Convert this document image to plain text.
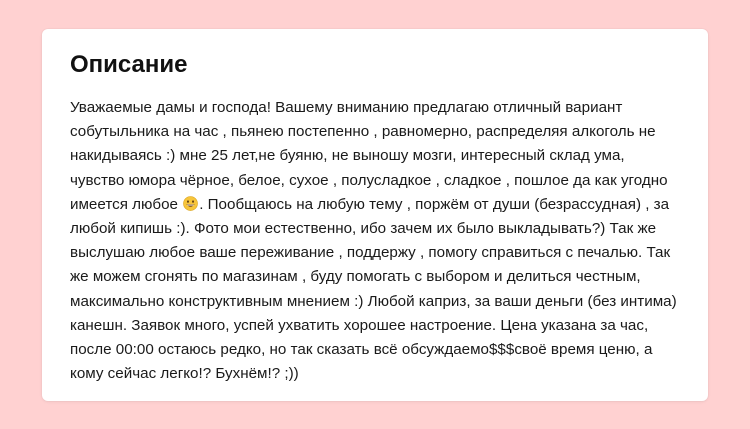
Описание

Уважаемые дамы и господа! Вашему вниманию предлагаю отличный вариант собутыльника на час , пьянею постепенно , равномерно, распределяя алкоголь не накидываясь :) мне 25 лет,не буяню, не выношу мозги, интересный склад ума, чувство юмора чёрное, белое, сухое , полусладкое , сладкое , пошлое да как угодно имеется любое . Пообщаюсь на любую тему , поржём от души (безрассудная) , за любой кипишь :). Фото мои естественно, ибо зачем их было выкладывать?) Так же выслушаю любое ваше переживание , поддержу , помогу справиться с печалью. Так же можем сгонять по магазинам , буду помогать с выбором и делиться честным, максимально конструктивным мнением :) Любой каприз, за ваши деньги (без интима) канешн. Заявок много, успей ухватить хорошее настроение. Цена указана за час, после 00:00 остаюсь редко, но так сказать всё обсуждаемо$$$своё время ценю, а кому сейчас легко!? Бухнём!? ;))
